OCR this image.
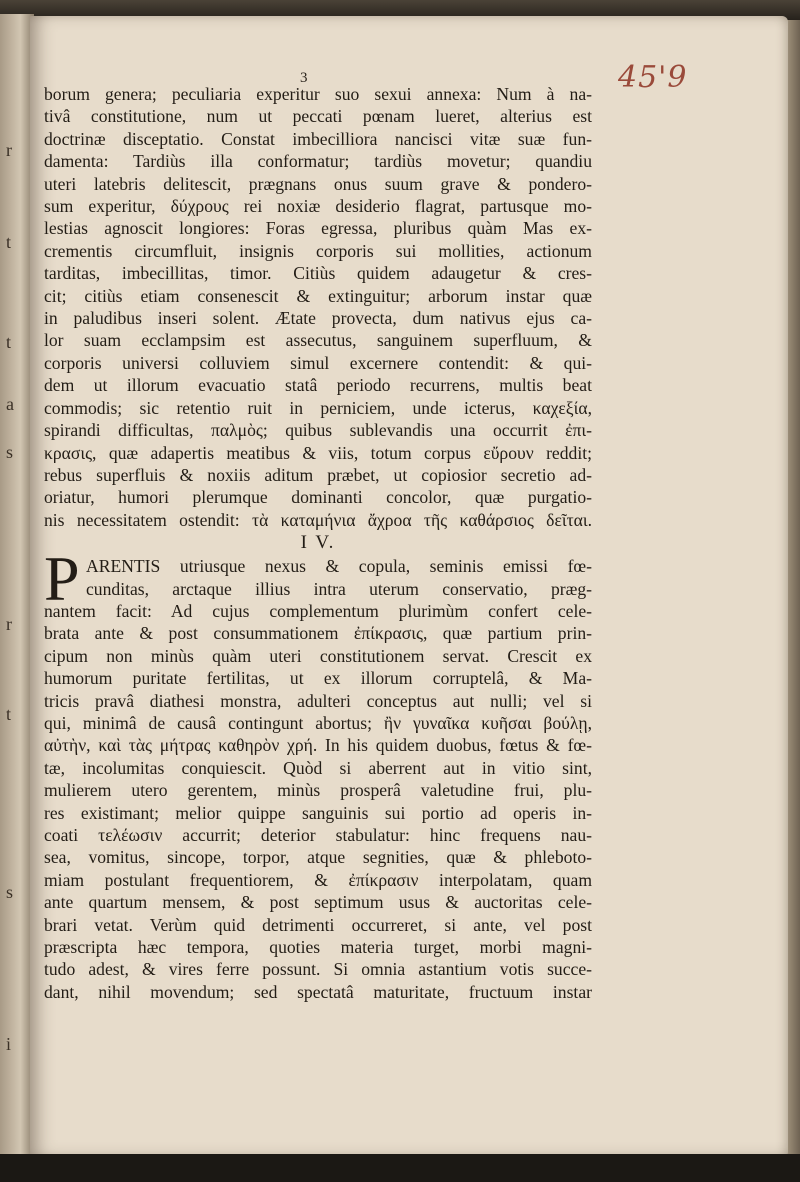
r
t
t
a
s
r
t
s
i
3	45'9
borum genera; peculiaria experitur suo sexui annexa: Num à na-
tivâ constitutione, num ut peccati pœnam lueret, alterius est
doctrinæ disceptatio. Constat imbecilliora nancisci vitæ suæ fun-
damenta: Tardiùs illa conformatur; tardiùs movetur; quandiu
uteri latebris delitescit, prægnans onus suum grave & pondero-
sum experitur, δύχρους rei noxiæ desiderio flagrat, partusque mo-
lestias agnoscit longiores: Foras egressa, pluribus quàm Mas ex-
crementis circumfluit, insignis corporis sui mollities, actionum
tarditas, imbecillitas, timor. Citiùs quidem adaugetur & cres-
cit; citiùs etiam consenescit & extinguitur; arborum instar quæ
in paludibus inseri solent. Ætate provecta, dum nativus ejus ca-
lor suam ecclampsim est assecutus, sanguinem superfluum, &
corporis universi colluviem simul excernere contendit: & qui-
dem ut illorum evacuatio statâ periodo recurrens, multis beat
commodis; sic retentio ruit in perniciem, unde icterus, καχεξία,
spirandi difficultas, παλμὸς; quibus sublevandis una occurrit ἐπι-
κρασις, quæ adapertis meatibus & viis, totum corpus εὔρουν reddit;
rebus superfluis & noxiis aditum præbet, ut copiosior secretio ad-
oriatur, humori plerumque dominanti concolor, quæ purgatio-
nis necessitatem ostendit: τὰ καταμήνια ἄχροα τῆς καθάρσιος δεῖται.
I V.
ARENTIS utriusque nexus & copula, seminis emissi fœ-
cunditas, arctaque illius intra uterum conservatio, præg-
nantem facit: Ad cujus complementum plurimùm confert cele-
brata ante & post consummationem ἐπίκρασις, quæ partium prin-
cipum non minùs quàm uteri constitutionem servat. Crescit ex
humorum puritate fertilitas, ut ex illorum corruptelâ, & Ma-
tricis pravâ diathesi monstra, adulteri conceptus aut nulli; vel si
qui, minimâ de causâ contingunt abortus; ἢν γυναῖκα κυῆσαι βούλῃ,
αὐτὴν, καὶ τὰς μήτρας καθηρὸν χρή. In his quidem duobus, fœtus & fœ-
tæ, incolumitas conquiescit. Quòd si aberrent aut in vitio sint,
mulierem utero gerentem, minùs prosperâ valetudine frui, plu-
res existimant; melior quippe sanguinis sui portio ad operis in-
coati τελέωσιν accurrit; deterior stabulatur: hinc frequens nau-
sea, vomitus, sincope, torpor, atque segnities, quæ & phleboto-
miam postulant frequentiorem, & ἐπίκρασιν interpolatam, quam
ante quartum mensem, & post septimum usus & auctoritas cele-
brari vetat. Verùm quid detrimenti occurreret, si ante, vel post
præscripta hæc tempora, quoties materia turget, morbi magni-
tudo adest, & vires ferre possunt. Si omnia astantium votis succe-
dant, nihil movendum; sed spectatâ maturitate, fructuum instar
P
